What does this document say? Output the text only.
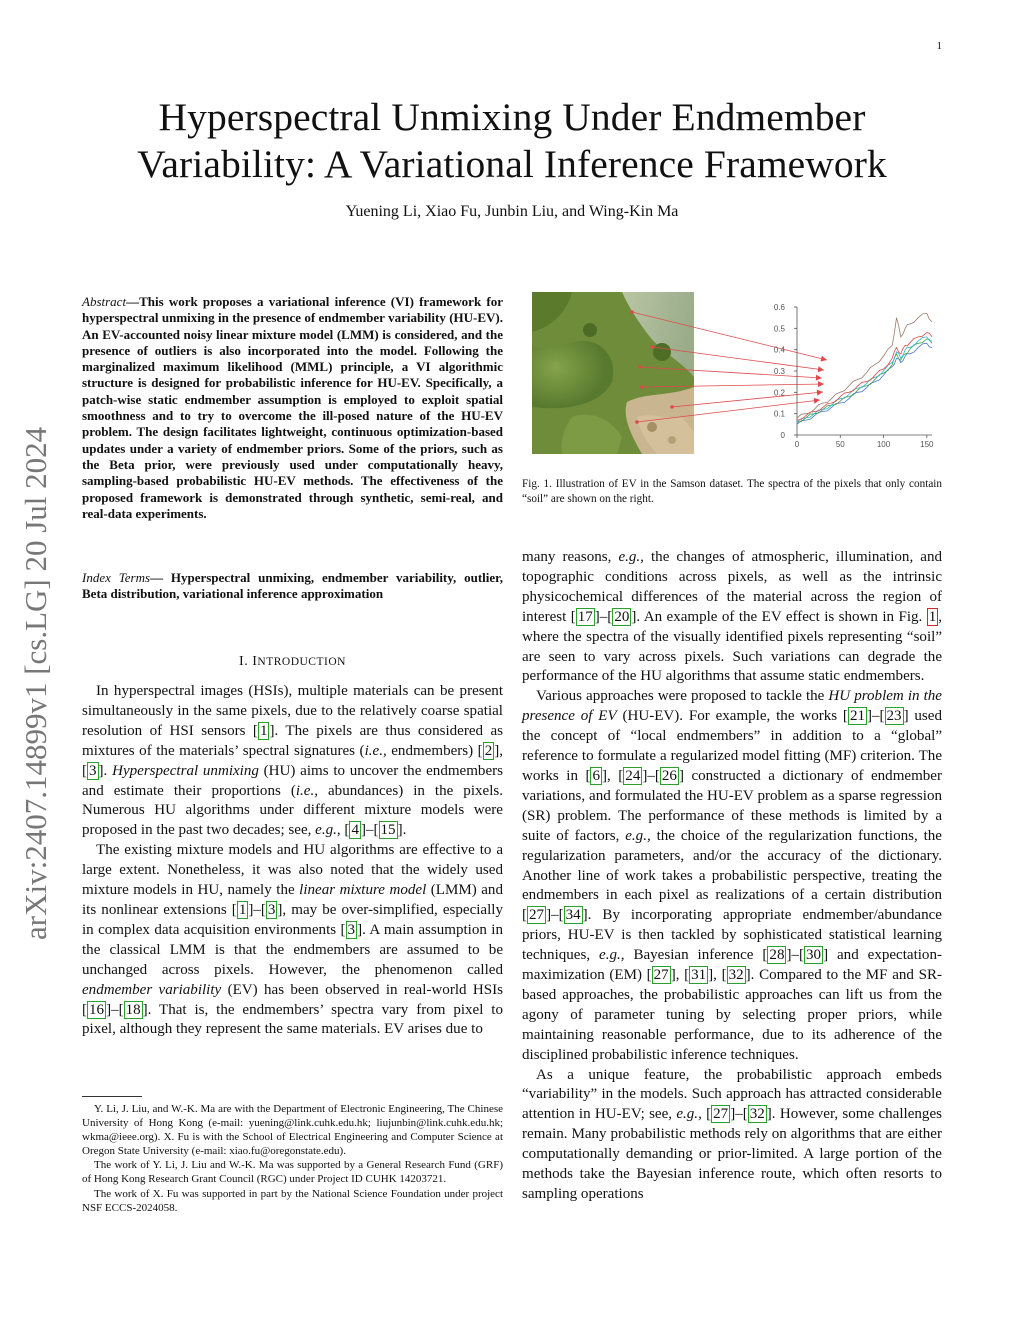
1
Hyperspectral Unmixing Under Endmember
Variability: A Variational Inference Framework
Yuening Li, Xiao Fu, Junbin Liu, and Wing-Kin Ma
arXiv:2407.14899v1 [cs.LG] 20 Jul 2024
Abstract—This work proposes a variational inference (VI) framework for hyperspectral unmixing in the presence of endmember variability (HU-EV). An EV-accounted noisy linear mixture model (LMM) is considered, and the presence of outliers is also incorporated into the model. Following the marginalized maximum likelihood (MML) principle, a VI algorithmic structure is designed for probabilistic inference for HU-EV. Specifically, a patch-wise static endmember assumption is employed to exploit spatial smoothness and to try to overcome the ill-posed nature of the HU-EV problem. The design facilitates lightweight, continuous optimization-based updates under a variety of endmember priors. Some of the priors, such as the Beta prior, were previously used under computationally heavy, sampling-based probabilistic HU-EV methods. The effectiveness of the proposed framework is demonstrated through synthetic, semi-real, and real-data experiments.
Index Terms— Hyperspectral unmixing, endmember variability, outlier, Beta distribution, variational inference approximation
I. INTRODUCTION

In hyperspectral images (HSIs), multiple materials can be present simultaneously in the same pixels, due to the relatively coarse spatial resolution of HSI sensors [ 1 ]. The pixels are thus considered as mixtures of the materials’ spectral signatures (i.e., endmembers) [ 2 ], [ 3 ]. Hyperspectral unmixing (HU) aims to uncover the endmembers and estimate their proportions (i.e., abundances) in the pixels. Numerous HU algorithms under different mixture models were proposed in the past two decades; see, e.g., [ 4 ]–[ 15 ].

The existing mixture models and HU algorithms are effective to a large extent. Nonetheless, it was also noted that the widely used mixture models in HU, namely the linear mixture model (LMM) and its nonlinear extensions [ 1 ]–[ 3 ], may be over-simplified, especially in complex data acquisition environments [ 3 ]. A main assumption in the classical LMM is that the endmembers are assumed to be unchanged across pixels. However, the phenomenon called endmember variability (EV) has been observed in real-world HSIs [ 16 ]–[ 18 ]. That is, the endmembers’ spectra vary from pixel to pixel, although they represent the same materials. EV arises due to

Y. Li, J. Liu, and W.-K. Ma are with the Department of Electronic Engineering, The Chinese University of Hong Kong (e-mail: yuening@link.cuhk.edu.hk; liujunbin@link.cuhk.edu.hk; wkma@ieee.org). X. Fu is with the School of Electrical Engineering and Computer Science at Oregon State University (e-mail: xiao.fu@oregonstate.edu).

The work of Y. Li, J. Liu and W.-K. Ma was supported by a General Research Fund (GRF) of Hong Kong Research Grant Council (RGC) under Project ID CUHK 14203721.

The work of X. Fu was supported in part by the National Science Foundation under project NSF ECCS-2024058.

0
0.1
0.2
0.3
0.4
0.5
0.6
0	50	100	150
Fig. 1. Illustration of EV in the Samson dataset. The spectra of the pixels that only contain “soil” are shown on the right.

many reasons, e.g., the changes of atmospheric, illumination, and topographic conditions across pixels, as well as the intrinsic physicochemical differences of the material across the region of interest [ 17 ]–[ 20 ]. An example of the EV effect is shown in Fig. 1 , where the spectra of the visually identified pixels representing “soil” are seen to vary across pixels. Such variations can degrade the performance of the HU algorithms that assume static endmembers.

Various approaches were proposed to tackle the HU problem in the presence of EV (HU-EV). For example, the works [ 21 ]–[ 23 ] used the concept of “local endmembers” in addition to a “global” reference to formulate a regularized model fitting (MF) criterion. The works in [ 6 ], [ 24 ]–[ 26 ] constructed a dictionary of endmember variations, and formulated the HU-EV problem as a sparse regression (SR) problem. The performance of these methods is limited by a suite of factors, e.g., the choice of the regularization functions, the regularization parameters, and/or the accuracy of the dictionary. Another line of work takes a probabilistic perspective, treating the endmembers in each pixel as realizations of a certain distribution [ 27 ]–[ 34 ]. By incorporating appropriate endmember/abundance priors, HU-EV is then tackled by sophisticated statistical learning techniques, e.g., Bayesian inference [ 28 ]–[ 30 ] and expectation-maximization (EM) [ 27 ], [ 31 ], [ 32 ]. Compared to the MF and SR-based approaches, the probabilistic approaches can lift us from the agony of parameter tuning by selecting proper priors, while maintaining reasonable performance, due to its adherence of the disciplined probabilistic inference techniques.

As a unique feature, the probabilistic approach embeds “variability” in the models. Such approach has attracted considerable attention in HU-EV; see, e.g., [ 27 ]–[ 32 ]. However, some challenges remain. Many probabilistic methods rely on algorithms that are either computationally demanding or prior-limited. A large portion of the methods take the Bayesian inference route, which often resorts to sampling operations
